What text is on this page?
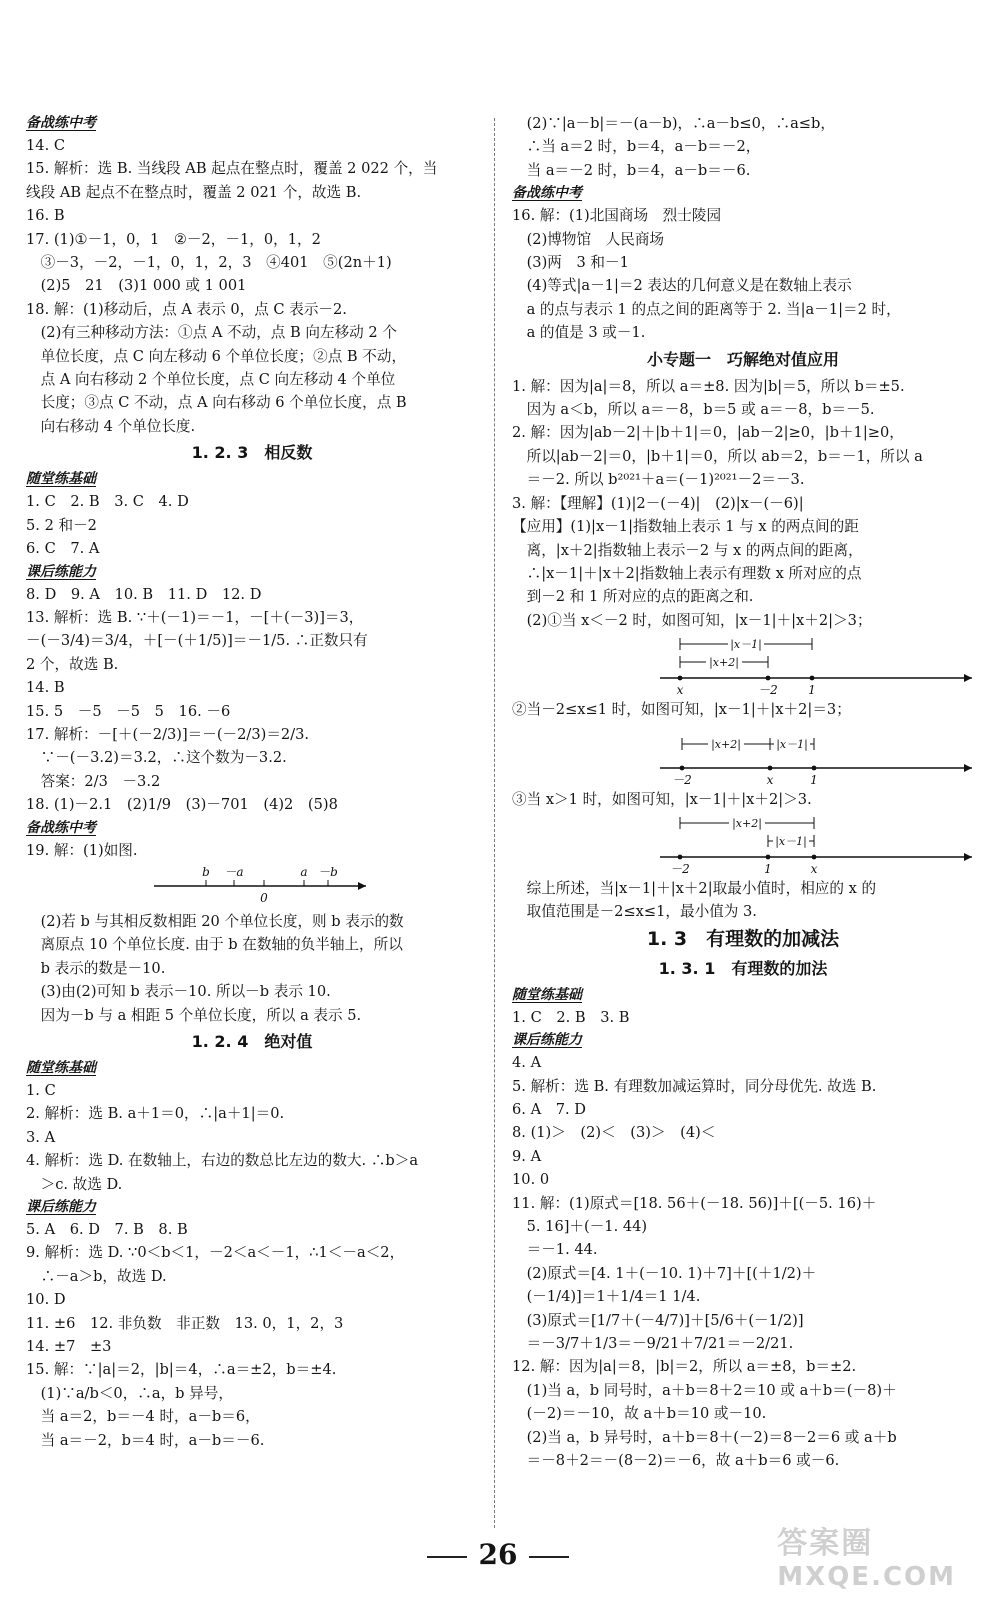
备战练中考
14. C
15. 解析：选 B. 当线段 AB 起点在整点时，覆盖 2 022 个，当
线段 AB 起点不在整点时，覆盖 2 021 个，故选 B.
16. B
17. (1)①－1，0，1　②－2，－1，0，1，2
　③－3，－2，－1，0，1，2，3　④401　⑤(2n＋1)
　(2)5　21　(3)1 000 或 1 001
18. 解：(1)移动后，点 A 表示 0，点 C 表示－2.
　(2)有三种移动方法：①点 A 不动，点 B 向左移动 2 个
　单位长度，点 C 向左移动 6 个单位长度；②点 B 不动，
　点 A 向右移动 2 个单位长度，点 C 向左移动 4 个单位
　长度；③点 C 不动，点 A 向右移动 6 个单位长度，点 B
　向右移动 4 个单位长度.
1. 2. 3　相反数
随堂练基础
1. C　2. B　3. C　4. D
5. 2 和－2
6. C　7. A
课后练能力
8. D　9. A　10. B　11. D　12. D
13. 解析：选 B. ∵＋(－1)＝－1，－[＋(－3)]＝3，
－(－3/4)＝3/4，＋[－(＋1/5)]＝－1/5. ∴正数只有
2 个，故选 B.
14. B
15. 5　－5　－5　5　16. －6
17. 解析：－[＋(－2/3)]＝－(－2/3)＝2/3.
　∵－(－3.2)＝3.2，∴这个数为－3.2.
　答案：2/3　－3.2
18. (1)－2.1　(2)1/9　(3)－701　(4)2　(5)8
备战练中考
19. 解：(1)如图.
b －a
0
a －b
　(2)若 b 与其相反数相距 20 个单位长度，则 b 表示的数
　离原点 10 个单位长度. 由于 b 在数轴的负半轴上，所以
　b 表示的数是－10.
　(3)由(2)可知 b 表示－10. 所以－b 表示 10.
　因为－b 与 a 相距 5 个单位长度，所以 a 表示 5.
1. 2. 4　绝对值
随堂练基础
1. C
2. 解析：选 B. a＋1＝0，∴|a＋1|＝0.
3. A
4. 解析：选 D. 在数轴上，右边的数总比左边的数大. ∴b＞a
　＞c. 故选 D.
课后练能力
5. A　6. D　7. B　8. B
9. 解析：选 D. ∵0＜b＜1，－2＜a＜－1，∴1＜－a＜2，
　∴－a＞b，故选 D.
10. D
11. ±6　12. 非负数　非正数　13. 0，1，2，3
14. ±7　±3
15. 解：∵|a|＝2，|b|＝4，∴a＝±2，b＝±4.
　(1)∵a/b＜0，∴a，b 异号，
　当 a＝2，b＝－4 时，a－b＝6，
　当 a＝－2，b＝4 时，a－b＝－6.
　(2)∵|a－b|＝－(a－b)，∴a－b≤0，∴a≤b，
　∴当 a＝2 时，b＝4，a－b＝－2，
　当 a＝－2 时，b＝4，a－b＝－6.
备战练中考
16. 解：(1)北国商场　烈士陵园
　(2)博物馆　人民商场
　(3)两　3 和－1
　(4)等式|a－1|＝2 表达的几何意义是在数轴上表示
　a 的点与表示 1 的点之间的距离等于 2. 当|a－1|＝2 时，
　a 的值是 3 或－1.
小专题一　巧解绝对值应用
1. 解：因为|a|＝8，所以 a＝±8. 因为|b|＝5，所以 b＝±5.
　因为 a＜b，所以 a＝－8，b＝5 或 a＝－8，b＝－5.
2. 解：因为|ab－2|＋|b＋1|＝0，|ab－2|≥0，|b＋1|≥0，
　所以|ab－2|＝0，|b＋1|＝0，所以 ab＝2，b＝－1，所以 a
　＝－2. 所以 b²⁰²¹＋a＝(－1)²⁰²¹－2＝－3.
3. 解：【理解】(1)|2－(－4)|　(2)|x－(－6)|
【应用】(1)|x－1|指数轴上表示 1 与 x 的两点间的距
　离，|x＋2|指数轴上表示－2 与 x 的两点间的距离，
　∴|x－1|＋|x＋2|指数轴上表示有理数 x 所对应的点
　到－2 和 1 所对应的点的距离之和.
　(2)①当 x＜－2 时，如图可知，|x－1|＋|x＋2|＞3；
x	－2	1
|x－1|
|x+2|
②当－2≤x≤1 时，如图可知，|x－1|＋|x＋2|＝3；
－2	x	1
|x+2|	|x－1|
③当 x＞1 时，如图可知，|x－1|＋|x＋2|＞3.
－2	1	x
|x+2|
|x－1|
　综上所述，当|x－1|＋|x＋2|取最小值时，相应的 x 的
　取值范围是－2≤x≤1，最小值为 3.
1. 3　有理数的加减法
1. 3. 1　有理数的加法
随堂练基础
1. C　2. B　3. B
课后练能力
4. A
5. 解析：选 B. 有理数加减运算时，同分母优先. 故选 B.
6. A　7. D
8. (1)＞　(2)＜　(3)＞　(4)＜
9. A
10. 0
11. 解：(1)原式＝[18. 56＋(－18. 56)]＋[(－5. 16)＋
　5. 16]＋(－1. 44)
　＝－1. 44.
　(2)原式＝[4. 1＋(－10. 1)＋7]＋[(＋1/2)＋
　(－1/4)]＝1＋1/4＝1 1/4.
　(3)原式＝[1/7＋(－4/7)]＋[5/6＋(－1/2)]
　＝－3/7＋1/3＝－9/21＋7/21＝－2/21.
12. 解：因为|a|＝8，|b|＝2，所以 a＝±8，b＝±2.
　(1)当 a，b 同号时，a＋b＝8＋2＝10 或 a＋b＝(－8)＋
　(－2)＝－10，故 a＋b＝10 或－10.
　(2)当 a，b 异号时，a＋b＝8＋(－2)＝8－2＝6 或 a＋b
　＝－8＋2＝－(8－2)＝－6，故 a＋b＝6 或－6.
26	答案圈
MXQE.COM
